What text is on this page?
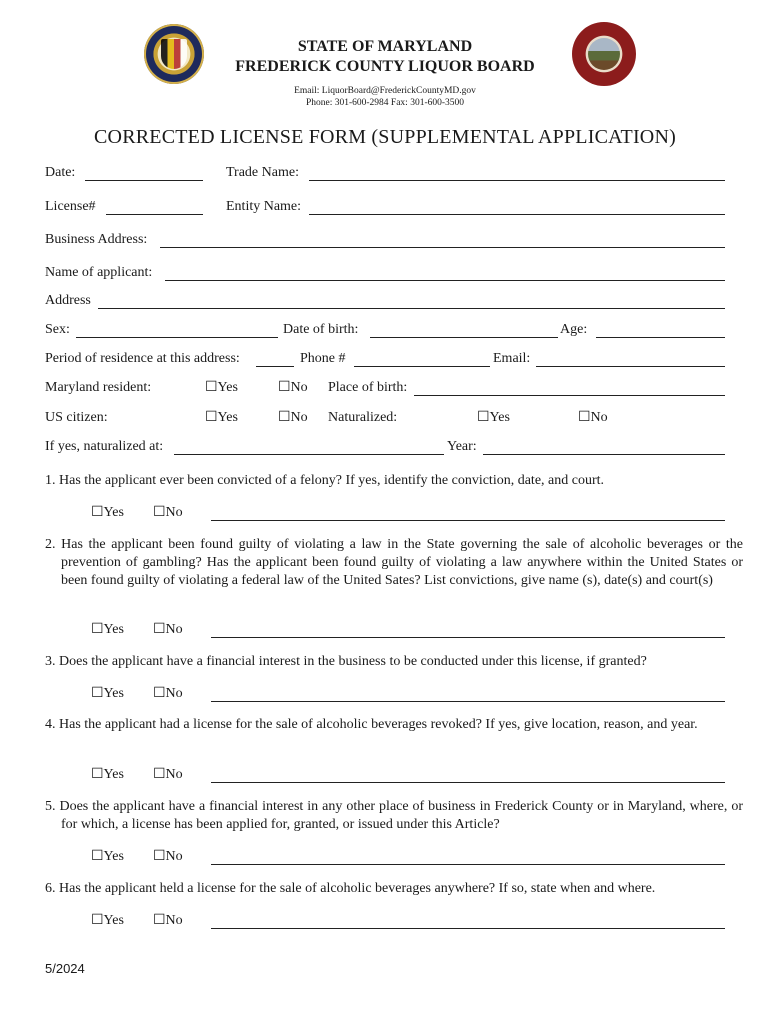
STATE OF MARYLAND
FREDERICK COUNTY LIQUOR BOARD
Email: LiquorBoard@FrederickCountyMD.gov
Phone: 301-600-2984 Fax: 301-600-3500
CORRECTED LICENSE FORM (SUPPLEMENTAL APPLICATION)
Date:	Trade Name:
License#	Entity Name:
Business Address:
Name of applicant:
Address
Sex:	Date of birth:	Age:
Period of residence at this address:	Phone #	Email:
Maryland resident:	☐Yes	☐No Place of birth:
US citizen:	☐Yes	☐No Naturalized:	☐Yes	☐No
If yes, naturalized at:	Year:
1. Has the applicant ever been convicted of a felony? If yes, identify the conviction, date, and court.
☐Yes ☐No
2. Has the applicant been found guilty of violating a law in the State governing the sale of alcoholic beverages or the prevention of gambling? Has the applicant been found guilty of violating a law anywhere within the United States or been found guilty of violating a federal law of the United Sates? List convictions, give name (s), date(s) and court(s)
☐Yes ☐No
3. Does the applicant have a financial interest in the business to be conducted under this license, if granted?
☐Yes ☐No
4. Has the applicant had a license for the sale of alcoholic beverages revoked? If yes, give location, reason, and year.
☐Yes ☐No
5. Does the applicant have a financial interest in any other place of business in Frederick County or in Maryland, where, or for which, a license has been applied for, granted, or issued under this Article?
☐Yes ☐No
6. Has the applicant held a license for the sale of alcoholic beverages anywhere? If so, state when and where.
☐Yes ☐No
5/2024
